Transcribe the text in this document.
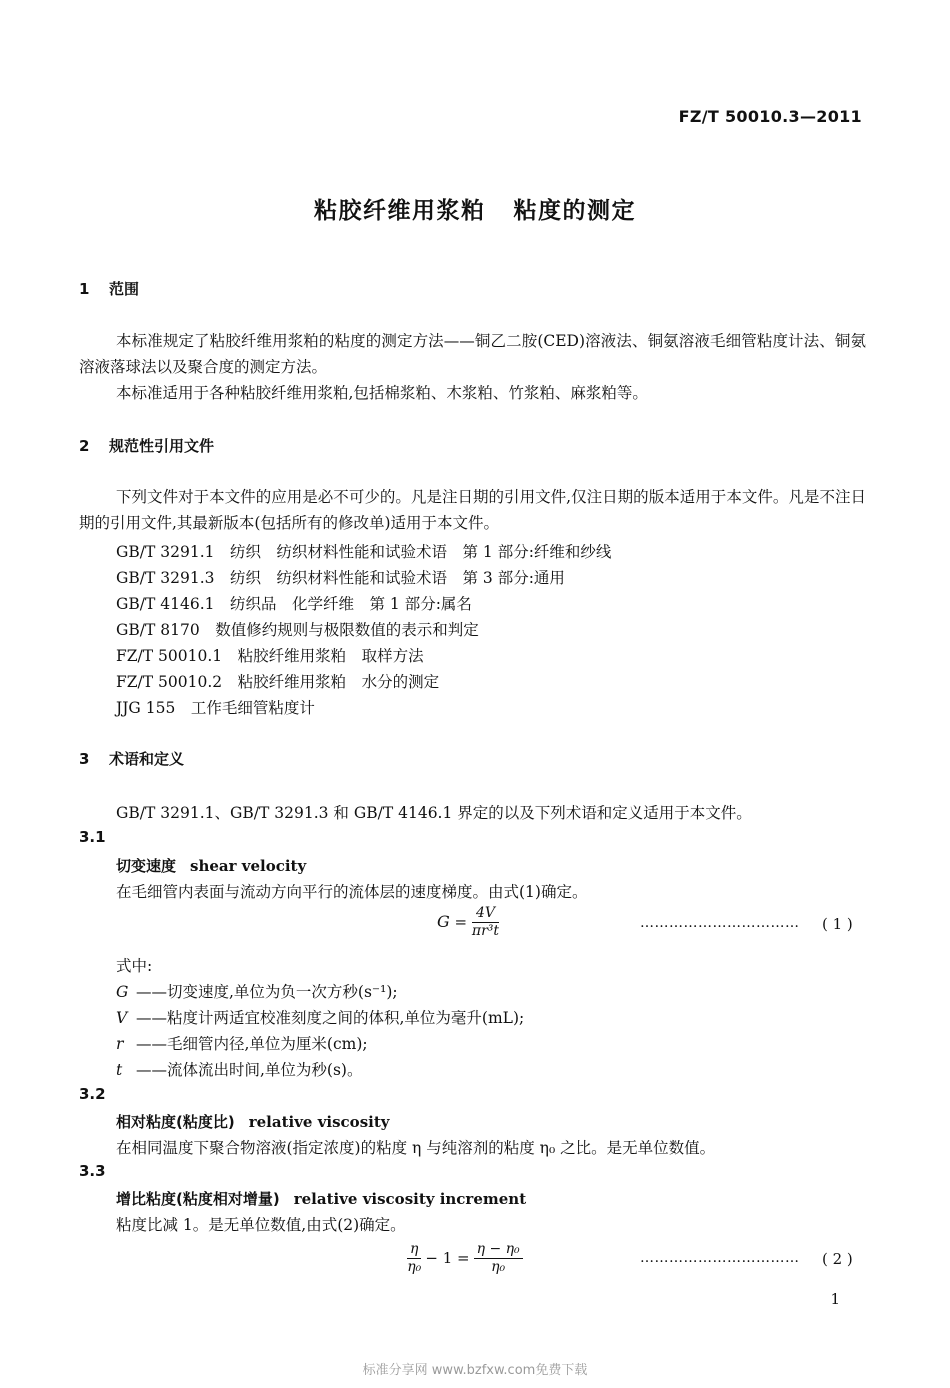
FZ/T 50010.3—2011
粘胶纤维用浆粕 粘度的测定
1 范围
本标准规定了粘胶纤维用浆粕的粘度的测定方法——铜乙二胺(CED)溶液法、铜氨溶液毛细管粘度计法、铜氨溶液落球法以及聚合度的测定方法。
本标准适用于各种粘胶纤维用浆粕,包括棉浆粕、木浆粕、竹浆粕、麻浆粕等。
2 规范性引用文件
下列文件对于本文件的应用是必不可少的。凡是注日期的引用文件,仅注日期的版本适用于本文件。凡是不注日期的引用文件,其最新版本(包括所有的修改单)适用于本文件。
GB/T 3291.1　纺织　纺织材料性能和试验术语　第 1 部分:纤维和纱线
GB/T 3291.3　纺织　纺织材料性能和试验术语　第 3 部分:通用
GB/T 4146.1　纺织品　化学纤维　第 1 部分:属名
GB/T 8170　数值修约规则与极限数值的表示和判定
FZ/T 50010.1　粘胶纤维用浆粕　取样方法
FZ/T 50010.2　粘胶纤维用浆粕　水分的测定
JJG 155　工作毛细管粘度计
3 术语和定义
GB/T 3291.1、GB/T 3291.3 和 GB/T 4146.1 界定的以及下列术语和定义适用于本文件。
3.1
切变速度 shear velocity
在毛细管内表面与流动方向平行的流体层的速度梯度。由式(1)确定。
$G = \frac{4V}{\text{πr³t}}$	…………………………… ( 1 )
式中:
G ——切变速度,单位为负一次方秒(s⁻¹);
V ——粘度计两适宜校准刻度之间的体积,单位为毫升(mL);
r ——毛细管内径,单位为厘米(cm);
t ——流体流出时间,单位为秒(s)。
3.2
相对粘度(粘度比) relative viscosity
在相同温度下聚合物溶液(指定浓度)的粘度 η 与纯溶剂的粘度 η₀ 之比。是无单位数值。
3.3
增比粘度(粘度相对增量) relative viscosity increment
粘度比减 1。是无单位数值,由式(2)确定。
$\frac{\eta}{\text{η₀}} - 1 = \frac{\text{η − η₀}}{\text{η₀}}$	…………………………… ( 2 )
1
标准分享网 www.bzfxw.com免费下载
